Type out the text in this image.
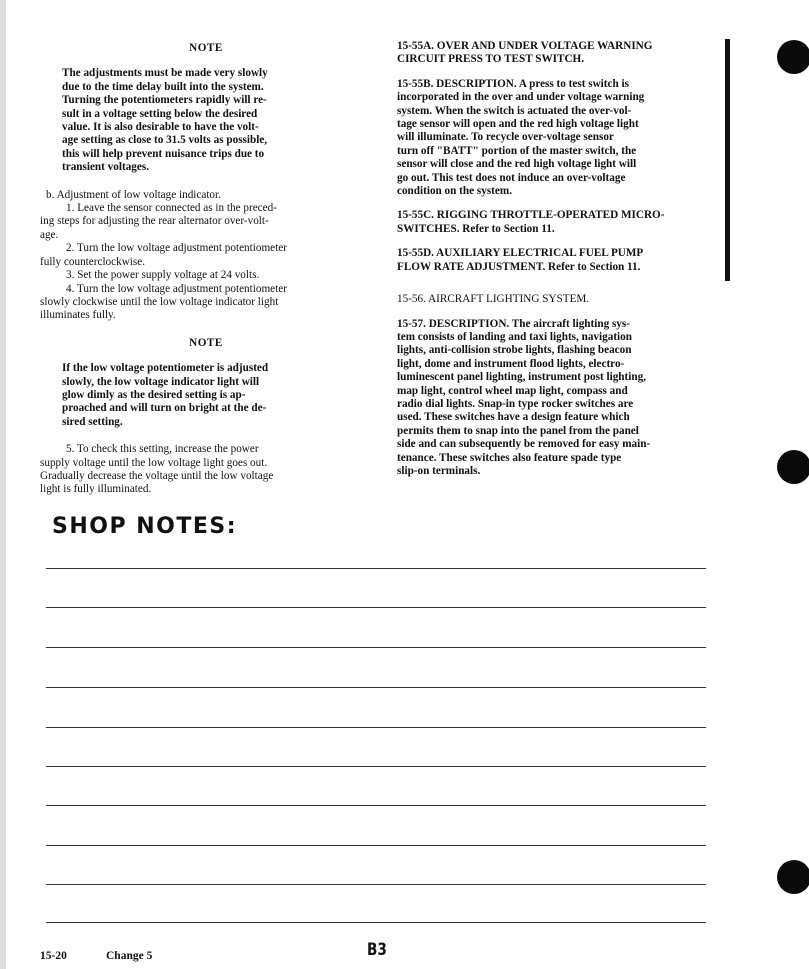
NOTE
The adjustments must be made very slowly
due to the time delay built into the system.
Turning the potentiometers rapidly will re-
sult in a voltage setting below the desired
value. It is also desirable to have the volt-
age setting as close to 31.5 volts as possible,
this will help prevent nuisance trips due to
transient voltages.
b. Adjustment of low voltage indicator.
1. Leave the sensor connected as in the preced-
ing steps for adjusting the rear alternator over-volt-
age.
2. Turn the low voltage adjustment potentiometer
fully counterclockwise.
3. Set the power supply voltage at 24 volts.
4. Turn the low voltage adjustment potentiometer
slowly clockwise until the low voltage indicator light
illuminates fully.
NOTE
If the low voltage potentiometer is adjusted
slowly, the low voltage indicator light will
glow dimly as the desired setting is ap-
proached and will turn on bright at the de-
sired setting.
5. To check this setting, increase the power
supply voltage until the low voltage light goes out.
Gradually decrease the voltage until the low voltage
light is fully illuminated.
15-55A. OVER AND UNDER VOLTAGE WARNING
CIRCUIT PRESS TO TEST SWITCH.
15-55B. DESCRIPTION. A press to test switch is
incorporated in the over and under voltage warning
system. When the switch is actuated the over-vol-
tage sensor will open and the red high voltage light
will illuminate. To recycle over-voltage sensor
turn off "BATT" portion of the master switch, the
sensor will close and the red high voltage light will
go out. This test does not induce an over-voltage
condition on the system.
15-55C. RIGGING THROTTLE-OPERATED MICRO-
SWITCHES. Refer to Section 11.
15-55D. AUXILIARY ELECTRICAL FUEL PUMP
FLOW RATE ADJUSTMENT. Refer to Section 11.
15-56. AIRCRAFT LIGHTING SYSTEM.
15-57. DESCRIPTION. The aircraft lighting sys-
tem consists of landing and taxi lights, navigation
lights, anti-collision strobe lights, flashing beacon
light, dome and instrument flood lights, electro-
luminescent panel lighting, instrument post lighting,
map light, control wheel map light, compass and
radio dial lights. Snap-in type rocker switches are
used. These switches have a design feature which
permits them to snap into the panel from the panel
side and can subsequently be removed for easy main-
tenance. These switches also feature spade type
slip-on terminals.
SHOP NOTES:
15-20	Change 5	B3
